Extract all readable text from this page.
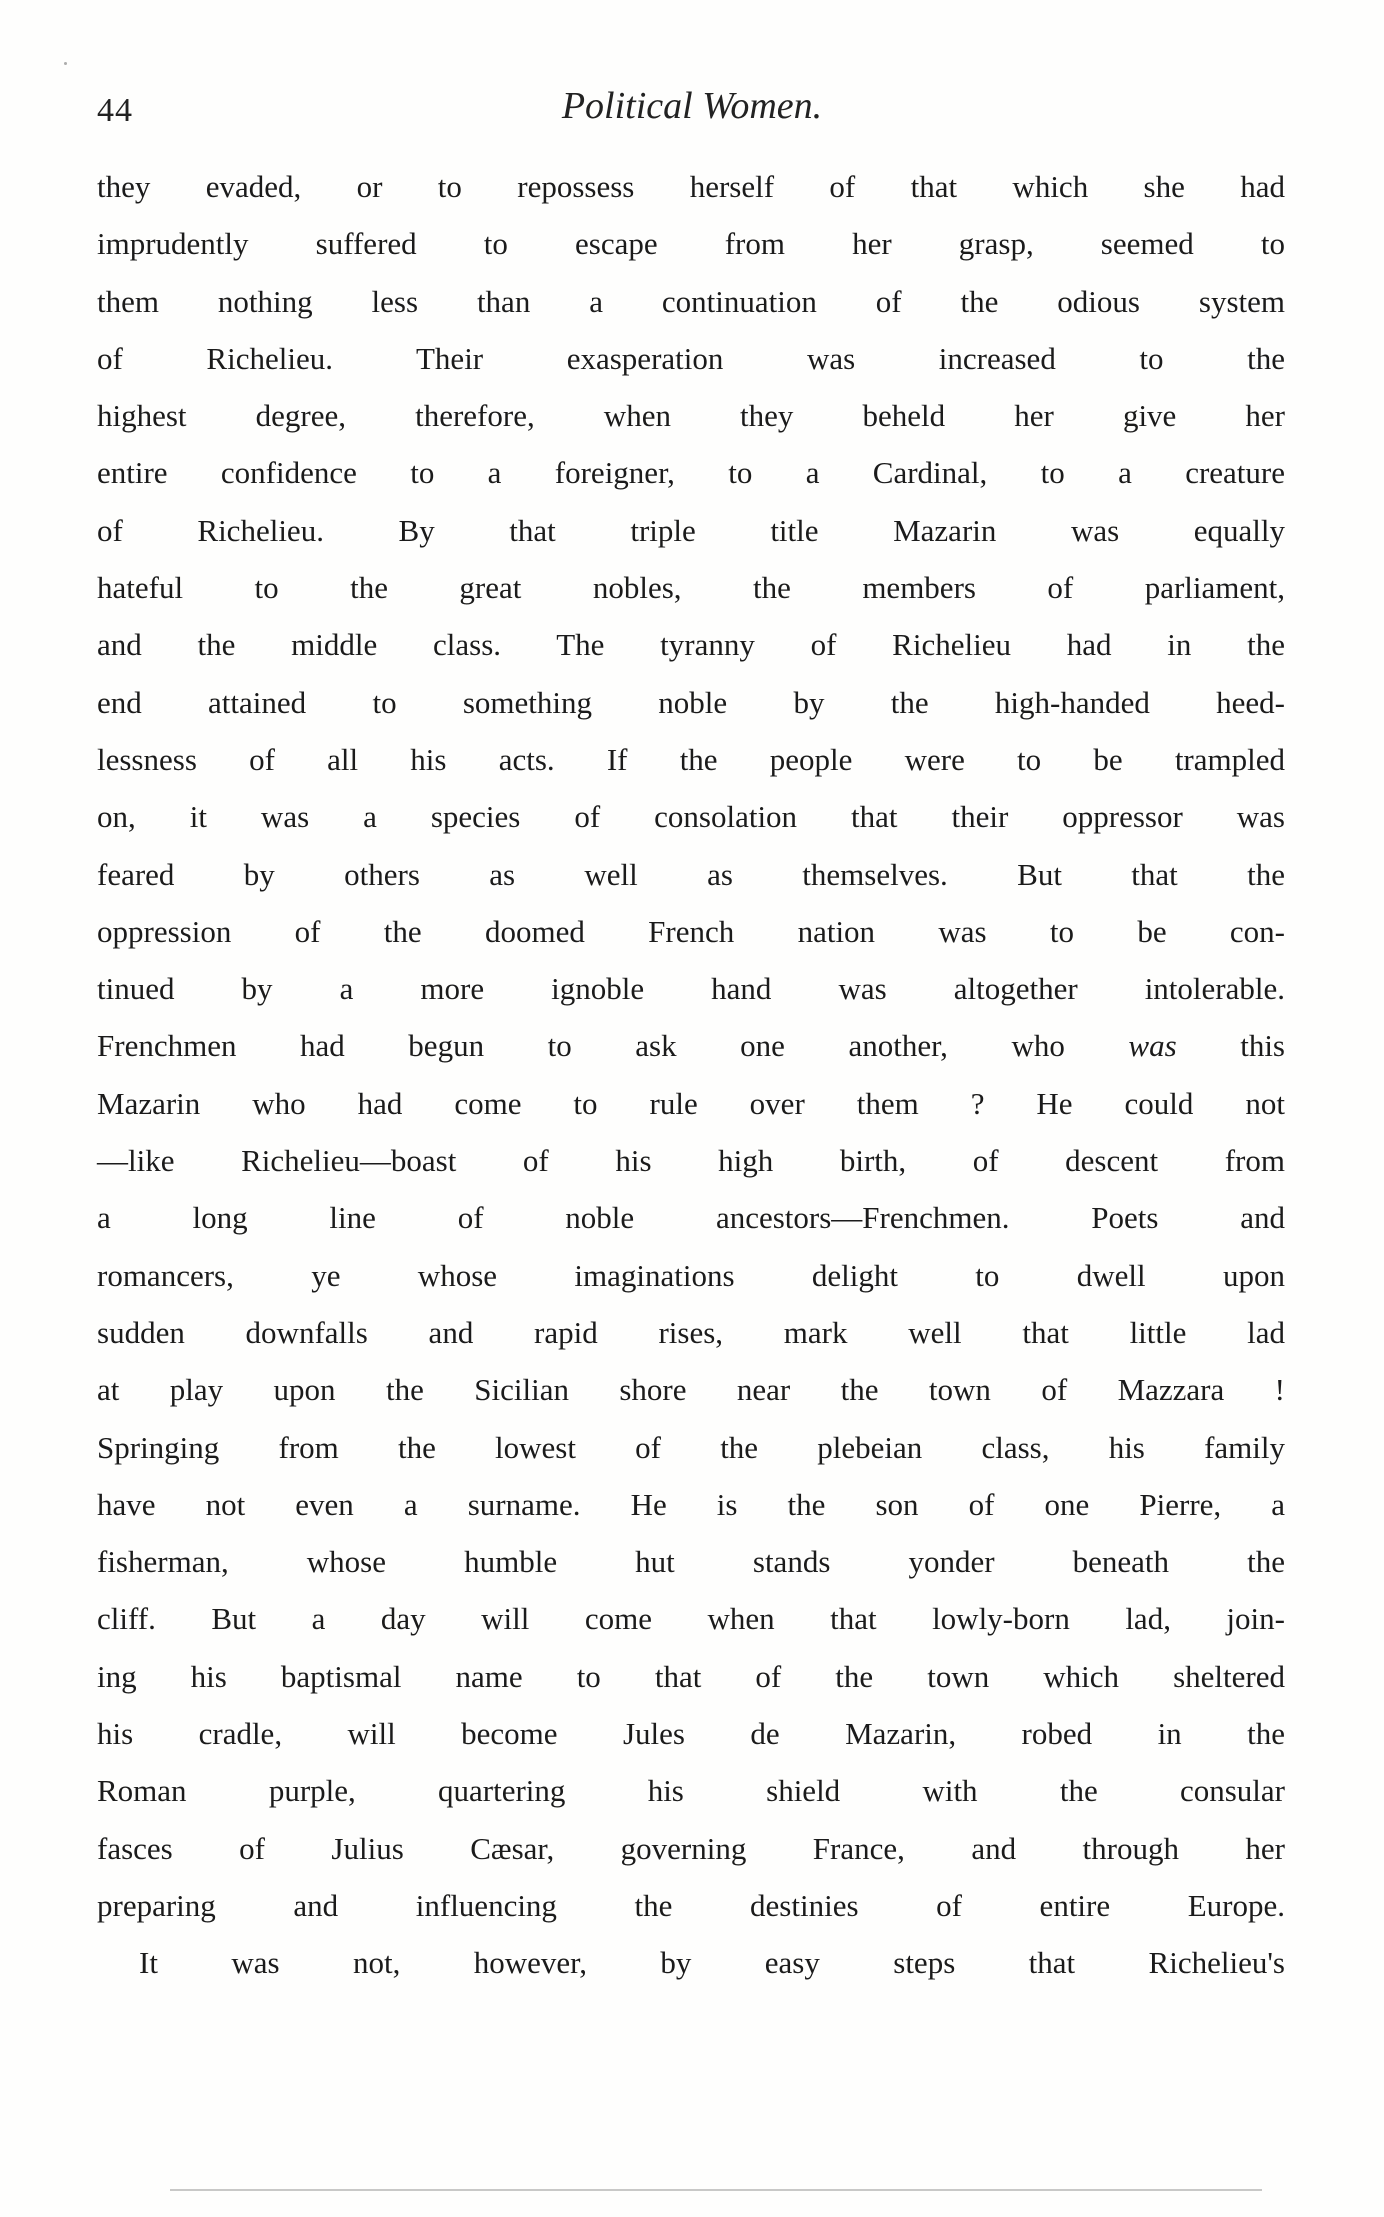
44	Political Women.
they evaded, or to repossess herself of that which she had
imprudently suffered to escape from her grasp, seemed to
them nothing less than a continuation of the odious system
of Richelieu. Their exasperation was increased to the
highest degree, therefore, when they beheld her give her
entire confidence to a foreigner, to a Cardinal, to a creature
of Richelieu. By that triple title Mazarin was equally
hateful to the great nobles, the members of parliament,
and the middle class. The tyranny of Richelieu had in the
end attained to something noble by the high-handed heed-
lessness of all his acts. If the people were to be trampled
on, it was a species of consolation that their oppressor was
feared by others as well as themselves. But that the
oppression of the doomed French nation was to be con-
tinued by a more ignoble hand was altogether intolerable.
Frenchmen had begun to ask one another, who was this
Mazarin who had come to rule over them ? He could not
—like Richelieu—boast of his high birth, of descent from
a long line of noble ancestors—Frenchmen. Poets and
romancers, ye whose imaginations delight to dwell upon
sudden downfalls and rapid rises, mark well that little lad
at play upon the Sicilian shore near the town of Mazzara !
Springing from the lowest of the plebeian class, his family
have not even a surname. He is the son of one Pierre, a
fisherman, whose humble hut stands yonder beneath the
cliff. But a day will come when that lowly-born lad, join-
ing his baptismal name to that of the town which sheltered
his cradle, will become Jules de Mazarin, robed in the
Roman purple, quartering his shield with the consular
fasces of Julius Cæsar, governing France, and through her
preparing and influencing the destinies of entire Europe.
It was not, however, by easy steps that Richelieu's
